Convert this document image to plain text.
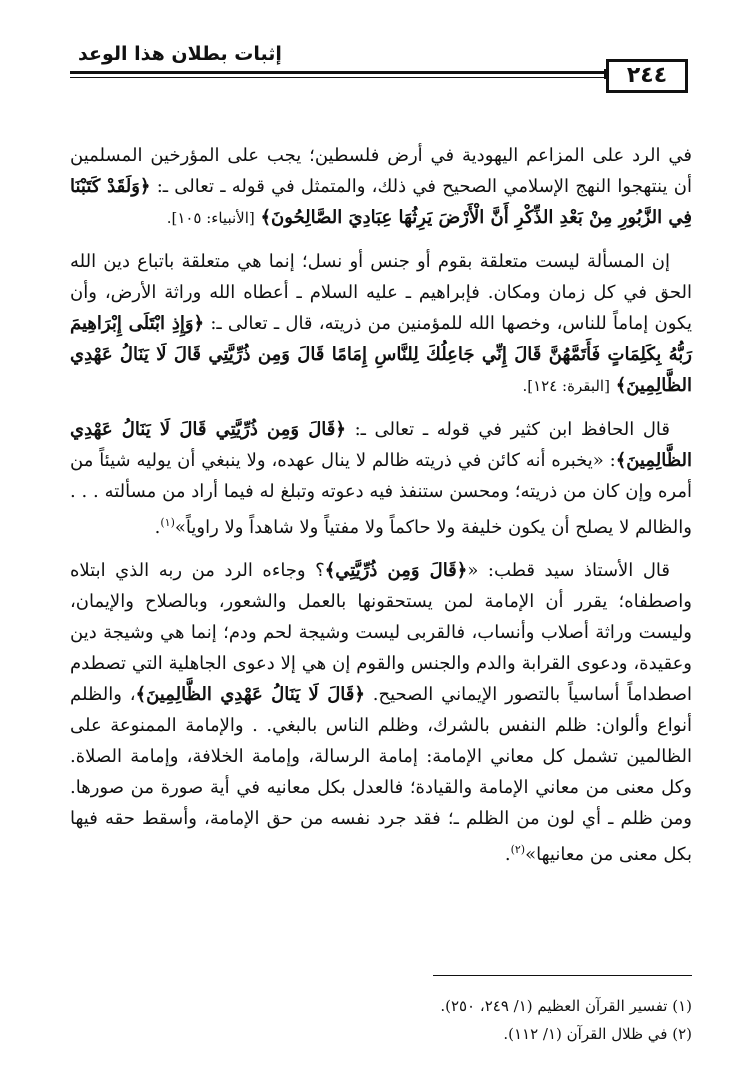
إثبات بطلان هذا الوعد
٢٤٤

في الرد على المزاعم اليهودية في أرض فلسطين؛ يجب على المؤرخين المسلمين أن ينتهجوا النهج الإسلامي الصحيح في ذلك، والمتمثل في قوله ـ تعالى ـ: ﴿وَلَقَدْ كَتَبْنَا فِي الزَّبُورِ مِنْ بَعْدِ الذِّكْرِ أَنَّ الْأَرْضَ يَرِثُهَا عِبَادِيَ الصَّالِحُونَ﴾ [الأنبياء: ١٠٥].

إن المسألة ليست متعلقة بقوم أو جنس أو نسل؛ إنما هي متعلقة باتباع دين الله الحق في كل زمان ومكان. فإبراهيم ـ عليه السلام ـ أعطاه الله وراثة الأرض، وأن يكون إماماً للناس، وخصها الله للمؤمنين من ذريته، قال ـ تعالى ـ: ﴿وَإِذِ ابْتَلَى إِبْرَاهِيمَ رَبُّهُ بِكَلِمَاتٍ فَأَتَمَّهُنَّ قَالَ إِنِّي جَاعِلُكَ لِلنَّاسِ إِمَامًا قَالَ وَمِن ذُرِّيَّتِي قَالَ لَا يَنَالُ عَهْدِي الظَّالِمِينَ﴾ [البقرة: ١٢٤].

قال الحافظ ابن كثير في قوله ـ تعالى ـ: ﴿قَالَ وَمِن ذُرِّيَّتِي قَالَ لَا يَنَالُ عَهْدِي الظَّالِمِينَ﴾: «يخبره أنه كائن في ذريته ظالم لا ينال عهده، ولا ينبغي أن يوليه شيئاً من أمره وإن كان من ذريته؛ ومحسن ستنفذ فيه دعوته وتبلغ له فيما أراد من مسألته . . . والظالم لا يصلح أن يكون خليفة ولا حاكماً ولا مفتياً ولا شاهداً ولا راوياً»$^{(١)}$.

قال الأستاذ سيد قطب: «﴿قَالَ وَمِن ذُرِّيَّتِي﴾؟ وجاءه الرد من ربه الذي ابتلاه واصطفاه؛ يقرر أن الإمامة لمن يستحقونها بالعمل والشعور، وبالصلاح والإيمان، وليست وراثة أصلاب وأنساب، فالقربى ليست وشيجة لحم ودم؛ إنما هي وشيجة دين وعقيدة، ودعوى القرابة والدم والجنس والقوم إن هي إلا دعوى الجاهلية التي تصطدم اصطداماً أساسياً بالتصور الإيماني الصحيح. ﴿قَالَ لَا يَنَالُ عَهْدِي الظَّالِمِينَ﴾، والظلم أنواع وألوان: ظلم النفس بالشرك، وظلم الناس بالبغي. . والإمامة الممنوعة على الظالمين تشمل كل معاني الإمامة: إمامة الرسالة، وإمامة الخلافة، وإمامة الصلاة. وكل معنى من معاني الإمامة والقيادة؛ فالعدل بكل معانيه في أية صورة من صورها. ومن ظلم ـ أي لون من الظلم ـ؛ فقد جرد نفسه من حق الإمامة، وأسقط حقه فيها بكل معنى من معانيها»$^{(٢)}$.

(١) تفسير القرآن العظيم (١/ ٢٤٩، ٢٥٠).
(٢) في ظلال القرآن (١/ ١١٢).
